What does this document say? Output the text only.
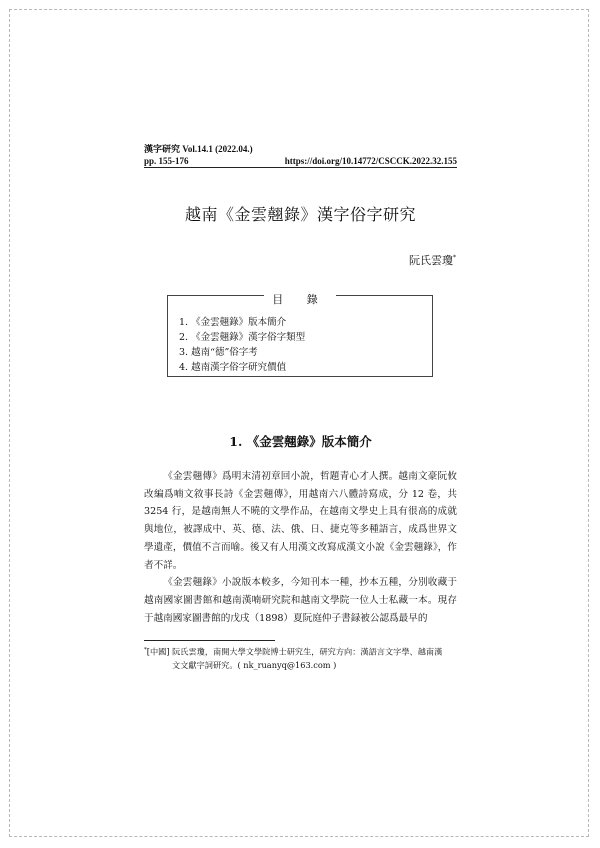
漢字研究 Vol.14.1 (2022.04.)
pp. 155-176	https://doi.org/10.14772/CSCCK.2022.32.155
越南《金雲翹錄》漢字俗字研究
阮氏雲瓊*
目 錄
1. 《金雲翹錄》版本簡介
2. 《金雲翹錄》漢字俗字類型
3. 越南“德”俗字考
4. 越南漢字俗字研究價值
1. 《金雲翹錄》版本簡介

《金雲翹傳》爲明末清初章回小說，哲題青心才人撰。越南文豪阮攸改編爲喃文敘事長詩《金雲翹傳》，用越南六八體詩寫成，分 12 卷，共 3254 行，是越南無人不曉的文學作品，在越南文學史上具有很高的成就與地位，被譯成中、英、德、法、俄、日、捷克等多種語言，成爲世界文學遺產，價值不言而喻。後又有人用漢文改寫成漢文小說《金雲翹錄》，作者不詳。

《金雲翹錄》小說版本較多，今知刊本一種，抄本五種，分別收藏于越南國家圖書館和越南漢喃研究院和越南文學院一位人士私藏一本。現存于越南國家圖書館的戊戌（1898）夏阮庭仲子書録被公認爲最早的

*[中國] 阮氏雲瓊，南開大學文學院博士研究生，研究方向：漢語言文字學、越南漢
文文獻字詞研究。( nk_ruanyq@163.com )
